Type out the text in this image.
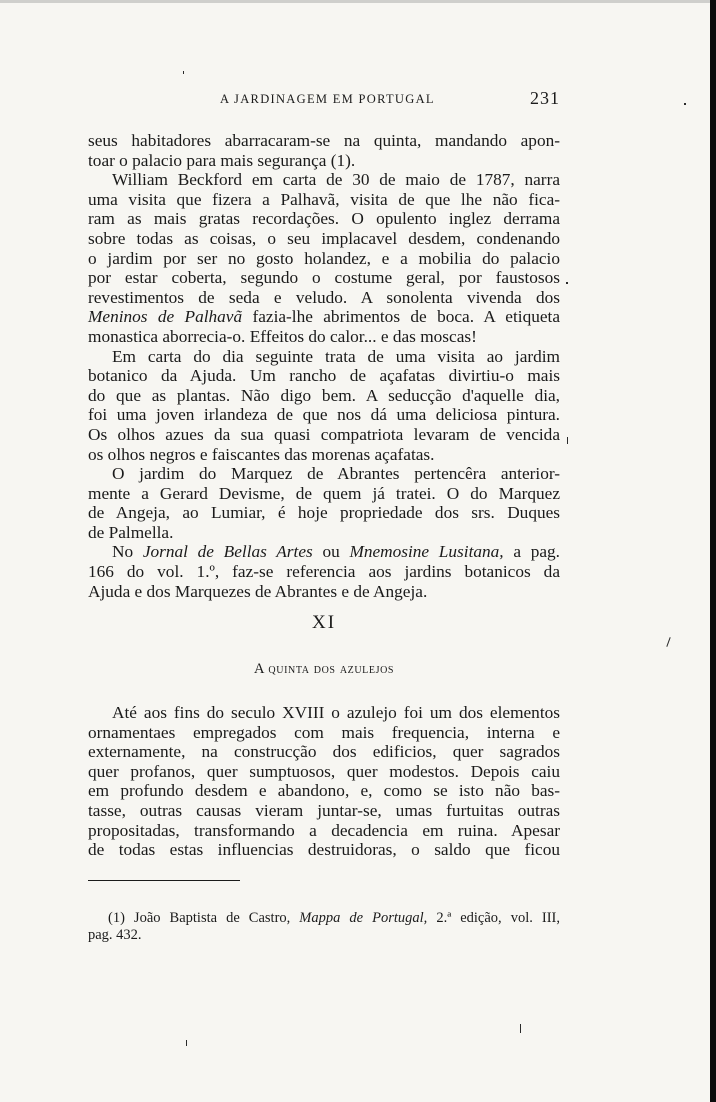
A JARDINAGEM EM PORTUGAL	231
seus habitadores abarracaram-se na quinta, mandando apon-
toar o palacio para mais segurança (1).
William Beckford em carta de 30 de maio de 1787, narra
uma visita que fizera a Palhavã, visita de que lhe não fica-
ram as mais gratas recordações. O opulento inglez derrama
sobre todas as coisas, o seu implacavel desdem, condenando
o jardim por ser no gosto holandez, e a mobilia do palacio
por estar coberta, segundo o costume geral, por faustosos
revestimentos de seda e veludo. A sonolenta vivenda dos
Meninos de Palhavã fazia-lhe abrimentos de boca. A etiqueta
monastica aborrecia-o. Effeitos do calor... e das moscas!
Em carta do dia seguinte trata de uma visita ao jardim
botanico da Ajuda. Um rancho de açafatas divirtiu-o mais
do que as plantas. Não digo bem. A seducção d'aquelle dia,
foi uma joven irlandeza de que nos dá uma deliciosa pintura.
Os olhos azues da sua quasi compatriota levaram de vencida
os olhos negros e faiscantes das morenas açafatas.
O jardim do Marquez de Abrantes pertencêra anterior-
mente a Gerard Devisme, de quem já tratei. O do Marquez
de Angeja, ao Lumiar, é hoje propriedade dos srs. Duques
de Palmella.
No Jornal de Bellas Artes ou Mnemosine Lusitana, a pag.
166 do vol. 1.º, faz-se referencia aos jardins botanicos da
Ajuda e dos Marquezes de Abrantes e de Angeja.
XI
A quinta dos azulejos
Até aos fins do seculo XVIII o azulejo foi um dos elementos
ornamentaes empregados com mais frequencia, interna e
externamente, na construcção dos edificios, quer sagrados
quer profanos, quer sumptuosos, quer modestos. Depois caiu
em profundo desdem e abandono, e, como se isto não bas-
tasse, outras causas vieram juntar-se, umas furtuitas outras
propositadas, transformando a decadencia em ruina. Apesar
de todas estas influencias destruidoras, o saldo que ficou
(1) João Baptista de Castro, Mappa de Portugal, 2.ª edição, vol. III,
pag. 432.
